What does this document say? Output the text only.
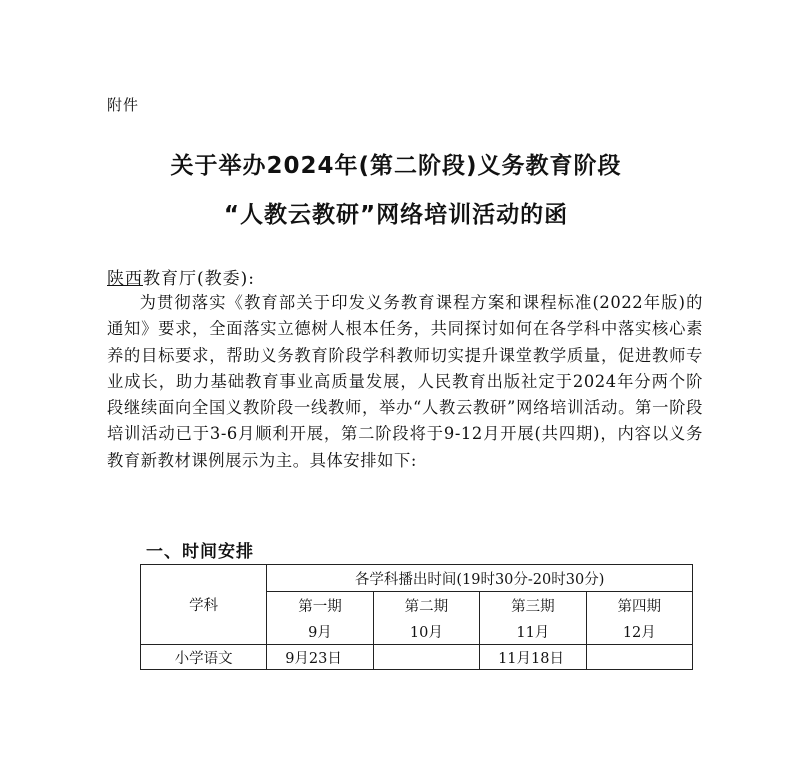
附件
关于举办2024年(第二阶段)义务教育阶段
“人教云教研”网络培训活动的函
陕西教育厅(教委):

为贯彻落实《教育部关于印发义务教育课程方案和课程标准(2022年版)的通知》要求，全面落实立德树人根本任务，共同探讨如何在各学科中落实核心素养的目标要求，帮助义务教育阶段学科教师切实提升课堂教学质量，促进教师专业成长，助力基础教育事业高质量发展，人民教育出版社定于2024年分两个阶段继续面向全国义教阶段一线教师，举办“人教云教研”网络培训活动。第一阶段培训活动已于3-6月顺利开展，第二阶段将于9-12月开展(共四期)，内容以义务教育新教材课例展示为主。具体安排如下:

一、时间安排
学科	各学科播出时间(19时30分-20时30分)			
	第一期	第二期	第三期	第四期
	9月	10月	11月	12月
小学语文	9月23日		11月18日	
